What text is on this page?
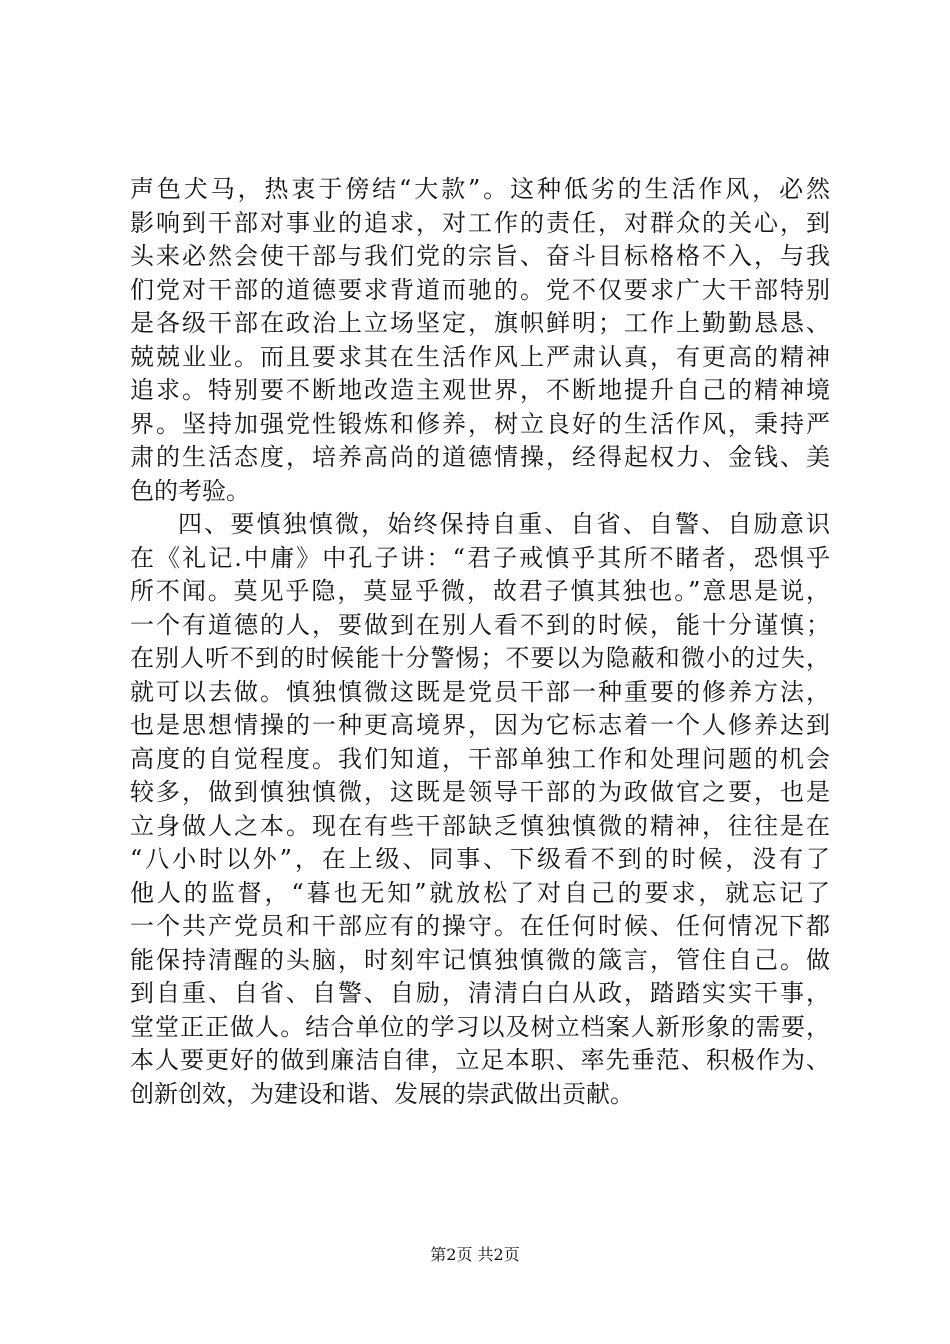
声色犬马，热衷于傍结“大款”。这种低劣的生活作风，必然
影响到干部对事业的追求，对工作的责任，对群众的关心，到
头来必然会使干部与我们党的宗旨、奋斗目标格格不入，与我
们党对干部的道德要求背道而驰的。党不仅要求广大干部特别
是各级干部在政治上立场坚定，旗帜鲜明；工作上勤勤恳恳、
兢兢业业。而且要求其在生活作风上严肃认真，有更高的精神
追求。特别要不断地改造主观世界，不断地提升自己的精神境
界。坚持加强党性锻炼和修养，树立良好的生活作风，秉持严
肃的生活态度，培养高尚的道德情操，经得起权力、金钱、美
色的考验。
四、要慎独慎微，始终保持自重、自省、自警、自励意识
在《礼记.中庸》中孔子讲：“君子戒慎乎其所不睹者，恐惧乎
所不闻。莫见乎隐，莫显乎微，故君子慎其独也。”意思是说，
一个有道德的人，要做到在别人看不到的时候，能十分谨慎；
在别人听不到的时候能十分警惕；不要以为隐蔽和微小的过失，
就可以去做。慎独慎微这既是党员干部一种重要的修养方法，
也是思想情操的一种更高境界，因为它标志着一个人修养达到
高度的自觉程度。我们知道，干部单独工作和处理问题的机会
较多，做到慎独慎微，这既是领导干部的为政做官之要，也是
立身做人之本。现在有些干部缺乏慎独慎微的精神，往往是在
“八小时以外”，在上级、同事、下级看不到的时候，没有了
他人的监督，“暮也无知”就放松了对自己的要求，就忘记了
一个共产党员和干部应有的操守。在任何时候、任何情况下都
能保持清醒的头脑，时刻牢记慎独慎微的箴言，管住自己。做
到自重、自省、自警、自励，清清白白从政，踏踏实实干事，
堂堂正正做人。结合单位的学习以及树立档案人新形象的需要，
本人要更好的做到廉洁自律，立足本职、率先垂范、积极作为、
创新创效，为建设和谐、发展的崇武做出贡献。
第2页 共2页
